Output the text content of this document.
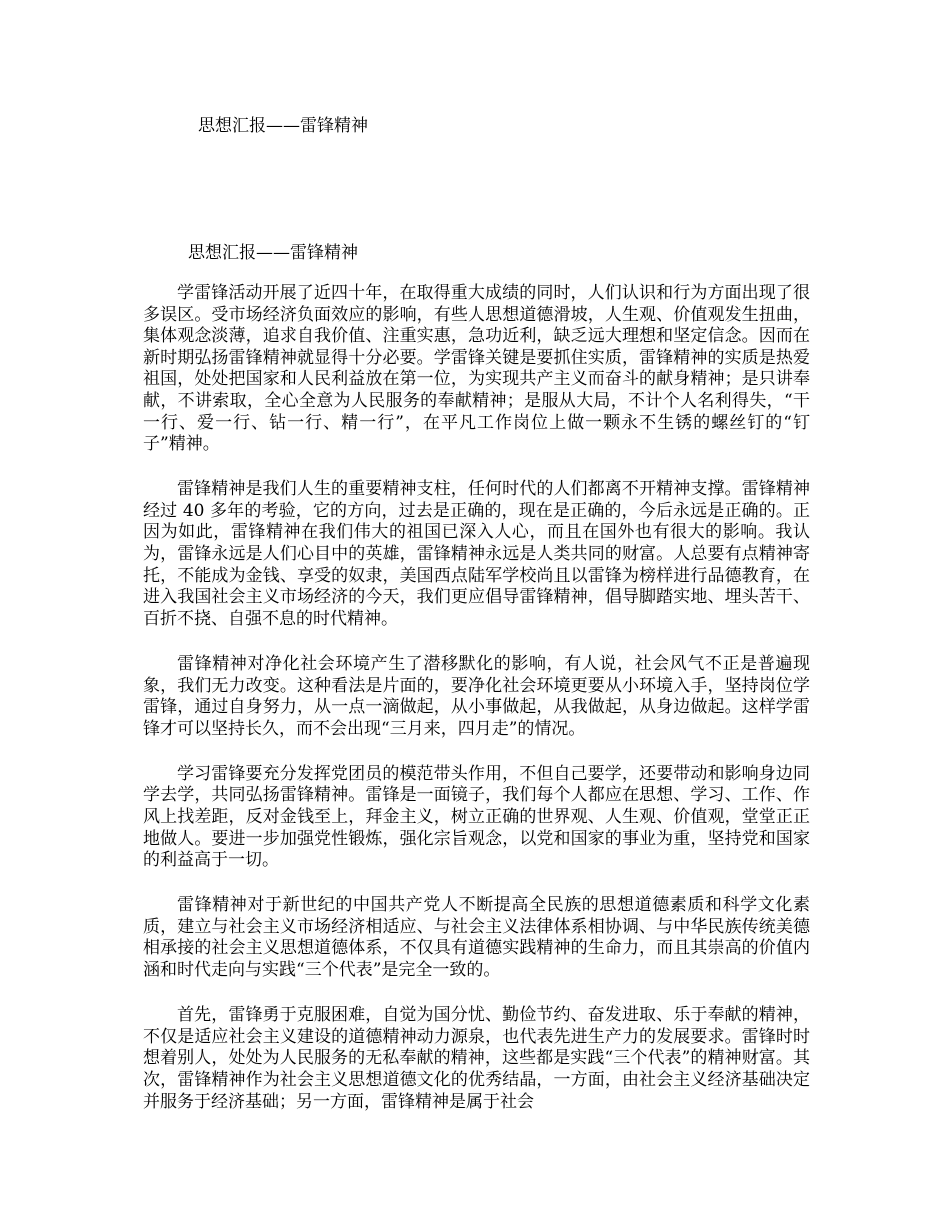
思想汇报——雷锋精神
思想汇报——雷锋精神

学雷锋活动开展了近四十年，在取得重大成绩的同时，人们认识和行为方面出现了很多误区。受市场经济负面效应的影响，有些人思想道德滑坡，人生观、价值观发生扭曲，集体观念淡薄，追求自我价值、注重实惠，急功近利，缺乏远大理想和坚定信念。因而在新时期弘扬雷锋精神就显得十分必要。学雷锋关键是要抓住实质，雷锋精神的实质是热爱祖国，处处把国家和人民利益放在第一位，为实现共产主义而奋斗的献身精神；是只讲奉献，不讲索取，全心全意为人民服务的奉献精神；是服从大局，不计个人名利得失，“干一行、爱一行、钻一行、精一行”，在平凡工作岗位上做一颗永不生锈的螺丝钉的“钉子”精神。

雷锋精神是我们人生的重要精神支柱，任何时代的人们都离不开精神支撑。雷锋精神经过 40 多年的考验，它的方向，过去是正确的，现在是正确的，今后永远是正确的。正因为如此，雷锋精神在我们伟大的祖国已深入人心，而且在国外也有很大的影响。我认为，雷锋永远是人们心目中的英雄，雷锋精神永远是人类共同的财富。人总要有点精神寄托，不能成为金钱、享受的奴隶，美国西点陆军学校尚且以雷锋为榜样进行品德教育，在进入我国社会主义市场经济的今天，我们更应倡导雷锋精神，倡导脚踏实地、埋头苦干、百折不挠、自强不息的时代精神。

雷锋精神对净化社会环境产生了潜移默化的影响，有人说，社会风气不正是普遍现象，我们无力改变。这种看法是片面的，要净化社会环境更要从小环境入手，坚持岗位学雷锋，通过自身努力，从一点一滴做起，从小事做起，从我做起，从身边做起。这样学雷锋才可以坚持长久，而不会出现“三月来，四月走”的情况。

学习雷锋要充分发挥党团员的模范带头作用，不但自己要学，还要带动和影响身边同学去学，共同弘扬雷锋精神。雷锋是一面镜子，我们每个人都应在思想、学习、工作、作风上找差距，反对金钱至上，拜金主义，树立正确的世界观、人生观、价值观，堂堂正正地做人。要进一步加强党性锻炼，强化宗旨观念，以党和国家的事业为重，坚持党和国家的利益高于一切。

雷锋精神对于新世纪的中国共产党人不断提高全民族的思想道德素质和科学文化素质，建立与社会主义市场经济相适应、与社会主义法律体系相协调、与中华民族传统美德相承接的社会主义思想道德体系，不仅具有道德实践精神的生命力，而且其崇高的价值内涵和时代走向与实践“三个代表”是完全一致的。

首先，雷锋勇于克服困难，自觉为国分忧、勤俭节约、奋发进取、乐于奉献的精神，不仅是适应社会主义建设的道德精神动力源泉，也代表先进生产力的发展要求。雷锋时时想着别人，处处为人民服务的无私奉献的精神，这些都是实践“三个代表”的精神财富。其次，雷锋精神作为社会主义思想道德文化的优秀结晶，一方面，由社会主义经济基础决定并服务于经济基础；另一方面，雷锋精神是属于社会
